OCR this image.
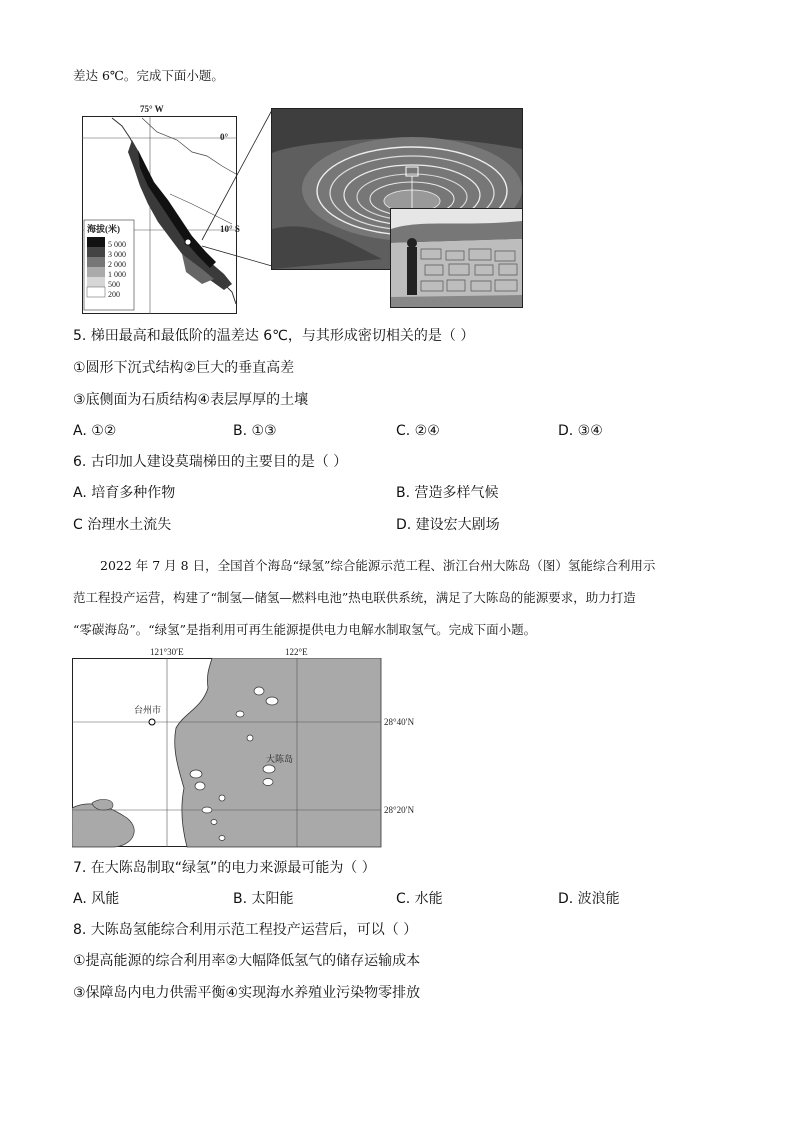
差达 6℃。完成下面小题。
75° W
0°
10° S
海拔(米)
5 000
3 000
2 000
1 000
500
200
5. 梯田最高和最低阶的温差达 6℃，与其形成密切相关的是（ ）
①圆形下沉式结构②巨大的垂直高差
③底侧面为石质结构④表层厚厚的土壤
A. ①②	B. ①③	C. ②④	D. ③④
6. 古印加人建设莫瑞梯田的主要目的是（ ）
A. 培育多种作物	B. 营造多样气候
C 治理水土流失	D. 建设宏大剧场
2022 年 7 月 8 日，全国首个海岛“绿氢”综合能源示范工程、浙江台州大陈岛（图）氢能综合利用示
范工程投产运营，构建了“制氢—储氢—燃料电池”热电联供系统，满足了大陈岛的能源要求，助力打造
“零碳海岛”。“绿氢”是指利用可再生能源提供电力电解水制取氢气。完成下面小题。
121°30′E	122°E
28°40′N
28°20′N
台州市
大陈岛
7. 在大陈岛制取“绿氢”的电力来源最可能为（ ）
A. 风能	B. 太阳能	C. 水能	D. 波浪能
8. 大陈岛氢能综合利用示范工程投产运营后，可以（ ）
①提高能源的综合利用率②大幅降低氢气的储存运输成本
③保障岛内电力供需平衡④实现海水养殖业污染物零排放
